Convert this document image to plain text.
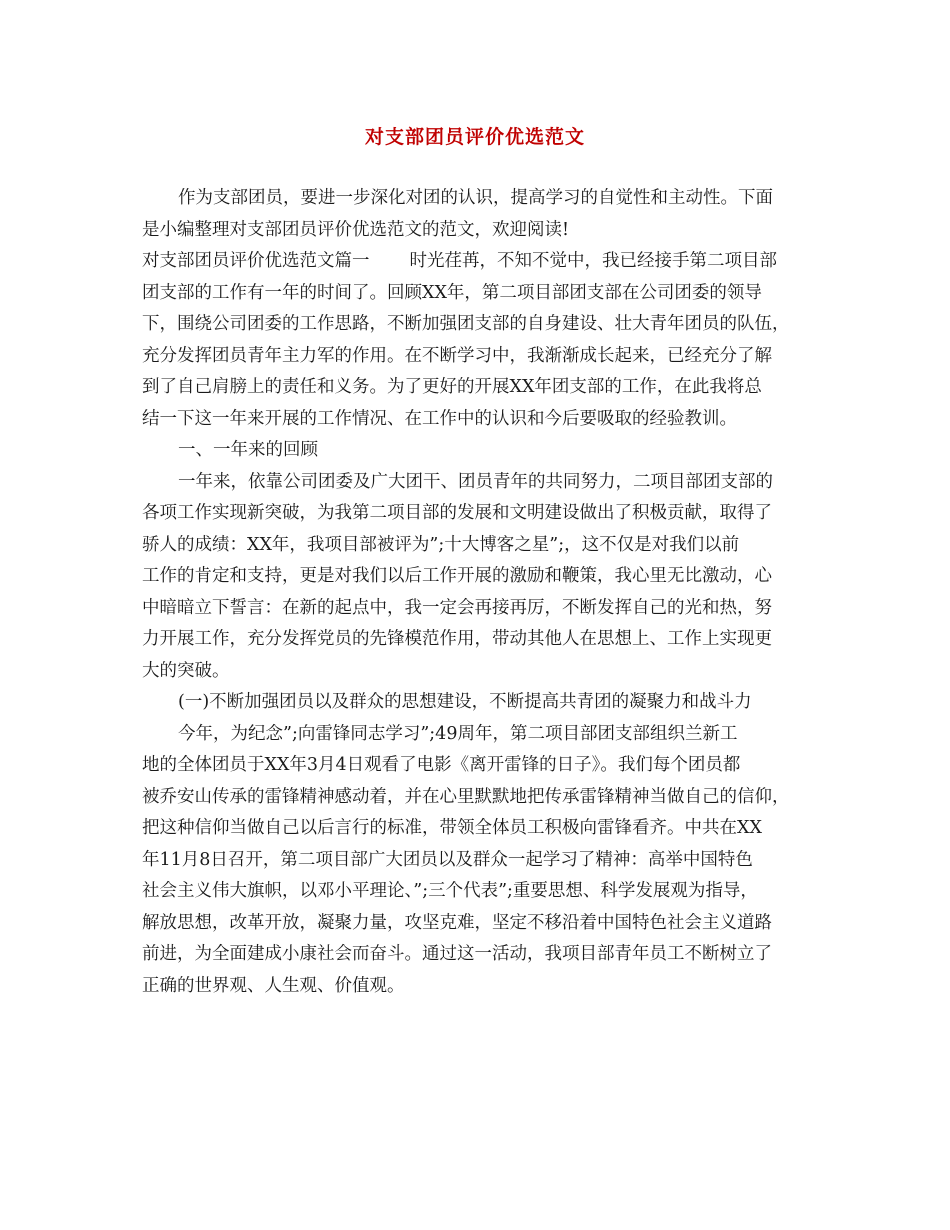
对支部团员评价优选范文

作为支部团员，要进一步深化对团的认识，提高学习的自觉性和主动性。下面

是小编整理对支部团员评价优选范文的范文，欢迎阅读!

对支部团员评价优选范文篇一 时光荏苒，不知不觉中，我已经接手第二项目部

团支部的工作有一年的时间了。回顾XX年，第二项目部团支部在公司团委的领导

下，围绕公司团委的工作思路，不断加强团支部的自身建设、壮大青年团员的队伍，

充分发挥团员青年主力军的作用。在不断学习中，我渐渐成长起来，已经充分了解

到了自己肩膀上的责任和义务。为了更好的开展XX年团支部的工作，在此我将总

结一下这一年来开展的工作情况、在工作中的认识和今后要吸取的经验教训。

一、一年来的回顾

一年来，依靠公司团委及广大团干、团员青年的共同努力，二项目部团支部的

各项工作实现新突破，为我第二项目部的发展和文明建设做出了积极贡献，取得了

骄人的成绩：XX年，我项目部被评为”;十大博客之星”;，这不仅是对我们以前

工作的肯定和支持，更是对我们以后工作开展的激励和鞭策，我心里无比激动，心

中暗暗立下誓言：在新的起点中，我一定会再接再厉，不断发挥自己的光和热，努

力开展工作，充分发挥党员的先锋模范作用，带动其他人在思想上、工作上实现更

大的突破。

(一)不断加强团员以及群众的思想建设，不断提高共青团的凝聚力和战斗力

今年，为纪念”;向雷锋同志学习”;49周年，第二项目部团支部组织兰新工

地的全体团员于XX年3月4日观看了电影《离开雷锋的日子》。我们每个团员都

被乔安山传承的雷锋精神感动着，并在心里默默地把传承雷锋精神当做自己的信仰，

把这种信仰当做自己以后言行的标准，带领全体员工积极向雷锋看齐。中共在XX

年11月8日召开，第二项目部广大团员以及群众一起学习了精神：高举中国特色

社会主义伟大旗帜，以邓小平理论、”;三个代表”;重要思想、科学发展观为指导，

解放思想，改革开放，凝聚力量，攻坚克难，坚定不移沿着中国特色社会主义道路

前进，为全面建成小康社会而奋斗。通过这一活动，我项目部青年员工不断树立了

正确的世界观、人生观、价值观。
